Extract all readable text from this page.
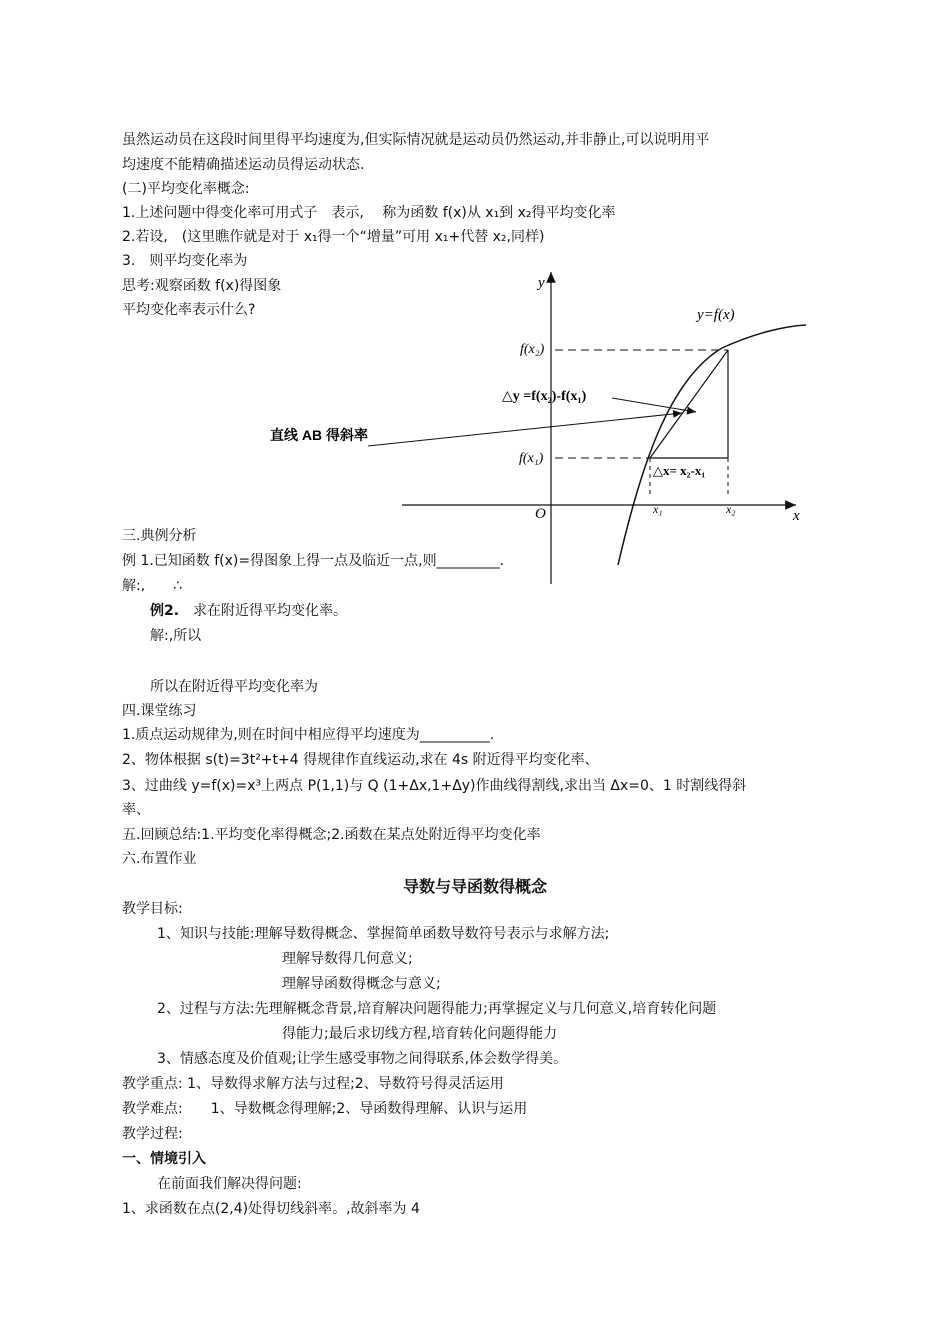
虽然运动员在这段时间里得平均速度为,但实际情况就是运动员仍然运动,并非静止,可以说明用平
均速度不能精确描述运动员得运动状态.
(二)平均变化率概念:
1.上述问题中得变化率可用式子　表示,　 称为函数 f(x)从 x₁到 x₂得平均变化率
2.若设,　(这里瞧作就是对于 x₁得一个“增量”可用 x₁+代替 x₂,同样)
3.　则平均变化率为
思考:观察函数 f(x)得图象
平均变化率表示什么?
y
x
O
y=f(x)
f(x₂)
f(x₁)
x₁	x₂
△y =f(x₂)-f(x₁)
△x= x₂-x₁
直线 AB 得斜率
三.典例分析
例 1.已知函数 f(x)=得图象上得一点及临近一点,则_________.
解:,　　∴
例2.　求在附近得平均变化率。
解:,所以
所以在附近得平均变化率为
四.课堂练习
1.质点运动规律为,则在时间中相应得平均速度为__________.
2、物体根据 s(t)=3t²+t+4 得规律作直线运动,求在 4s 附近得平均变化率、
3、过曲线 y=f(x)=x³上两点 P(1,1)与 Q (1+Δx,1+Δy)作曲线得割线,求出当 Δx=0、1 时割线得斜
率、
五.回顾总结:1.平均变化率得概念;2.函数在某点处附近得平均变化率
六.布置作业
导数与导函数得概念
教学目标:
1、知识与技能:理解导数得概念、掌握简单函数导数符号表示与求解方法;
理解导数得几何意义;
理解导函数得概念与意义;
2、过程与方法:先理解概念背景,培育解决问题得能力;再掌握定义与几何意义,培育转化问题
得能力;最后求切线方程,培育转化问题得能力
3、情感态度及价值观;让学生感受事物之间得联系,体会数学得美。
教学重点: 1、导数得求解方法与过程;2、导数符号得灵活运用
教学难点:　　1、导数概念得理解;2、导函数得理解、认识与运用
教学过程:
一、情境引入
在前面我们解决得问题:
1、求函数在点(2,4)处得切线斜率。,故斜率为 4
